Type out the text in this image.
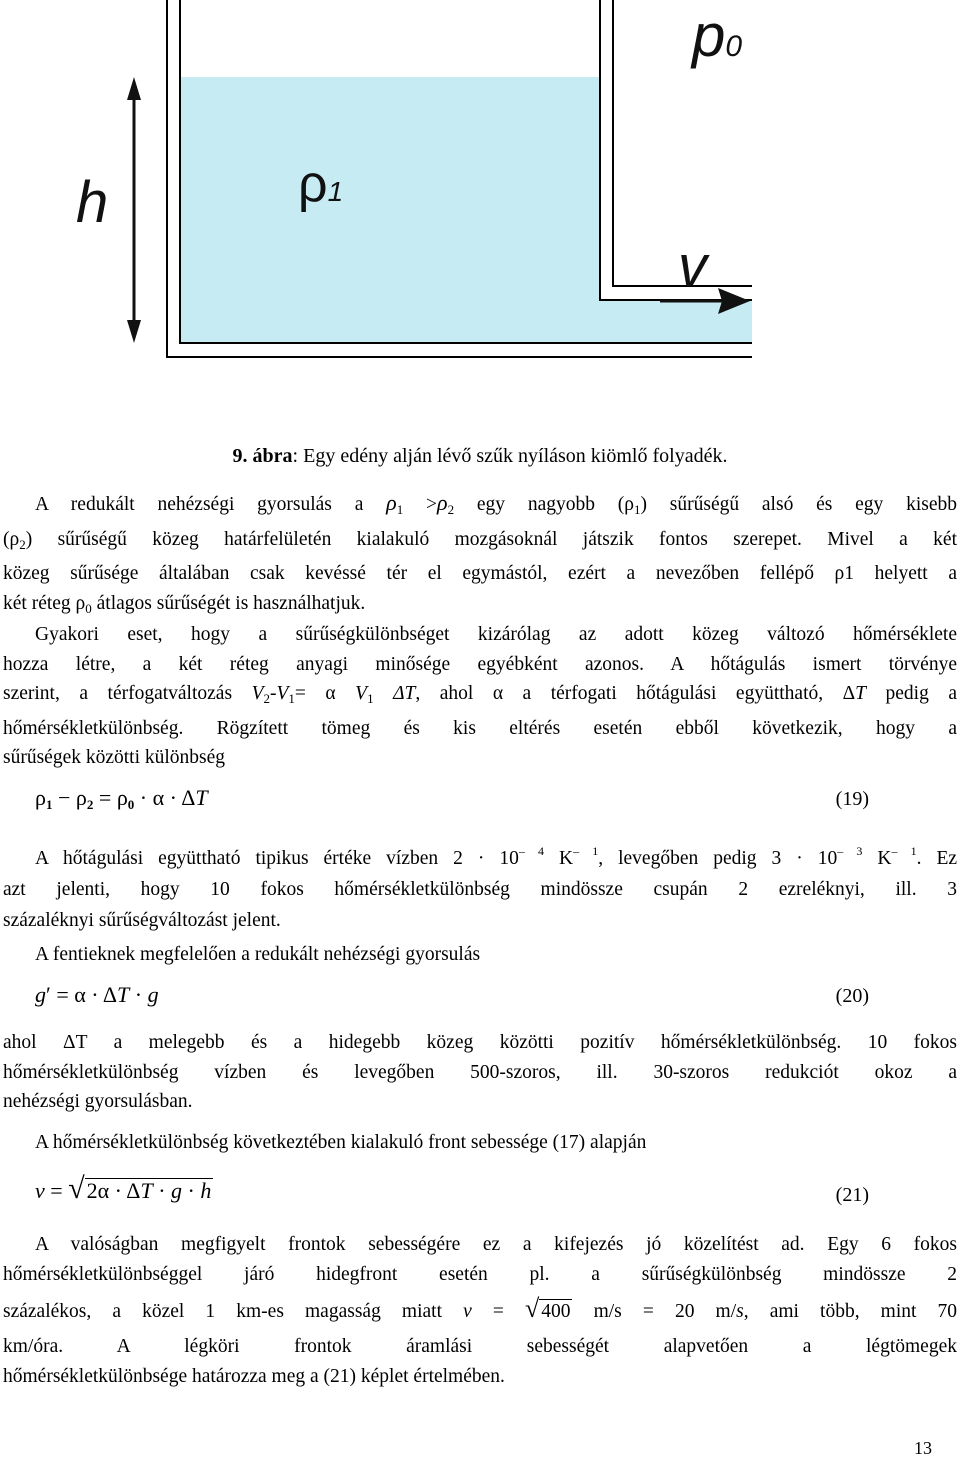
p0
ρ1
h
v
9. ábra: Egy edény alján lévő szűk nyíláson kiömlő folyadék.
A redukált nehézségi gyorsulás a $\rho_1 >\rho_2$ egy nagyobb $(\rho_1)$ sűrűségű alsó és egy kisebb
$(\rho_2)$ sűrűségű közeg határfelületén kialakuló mozgásoknál játszik fontos szerepet. Mivel a két
közeg sűrűsége általában csak kevéssé tér el egymástól, ezért a nevezőben fellépő ρ1 helyett a
két réteg $\rho_0$ átlagos sűrűségét is használhatjuk.
Gyakori eset, hogy a sűrűségkülönbséget kizárólag az adott közeg változó hőmérséklete
hozza létre, a két réteg anyagi minősége egyébként azonos. A hőtágulás ismert törvénye
szerint, a térfogatváltozás $V_2-V_1= \alpha$ $V_1$ ΔT, ahol α a térfogati hőtágulási együttható, ΔT pedig a
hőmérsékletkülönbség. Rögzített tömeg és kis eltérés esetén ebből következik, hogy a
sűrűségek közötti különbség
$\rho_1 - \rho_2 = \rho_0 \cdot \alpha \cdot \Delta T$	(19)
A hőtágulási együttható tipikus értéke vízben $2 \cdot 10^{- 4}$ $K^{- 1}$, levegőben pedig $3 \cdot 10^{- 3}$ $K^{- 1}$. Ez
azt jelenti, hogy 10 fokos hőmérsékletkülönbség mindössze csupán 2 ezreléknyi, ill. 3
százaléknyi sűrűségváltozást jelent.
A fentieknek megfelelően a redukált nehézségi gyorsulás
g′ = α · ΔT · g	(20)
ahol ΔT a melegebb és a hidegebb közeg közötti pozitív hőmérsékletkülönbség. 10 fokos
hőmérsékletkülönbség vízben és levegőben 500-szoros, ill. 30-szoros redukciót okoz a
nehézségi gyorsulásban.
A hőmérsékletkülönbség következtében kialakuló front sebessége (17) alapján
v = √2α · ΔT · g · h	(21)
A valóságban megfigyelt frontok sebességére ez a kifejezés jó közelítést ad. Egy 6 fokos
hőmérsékletkülönbséggel járó hidegfront esetén pl. a sűrűségkülönbség mindössze 2
százalékos, a közel 1 km-es magasság miatt v = √ 400 m/s = 20 m/s, ami több, mint 70
km/óra. A légköri frontok áramlási sebességét alapvetően a légtömegek
hőmérsékletkülönbsége határozza meg a (21) képlet értelmében.
13
